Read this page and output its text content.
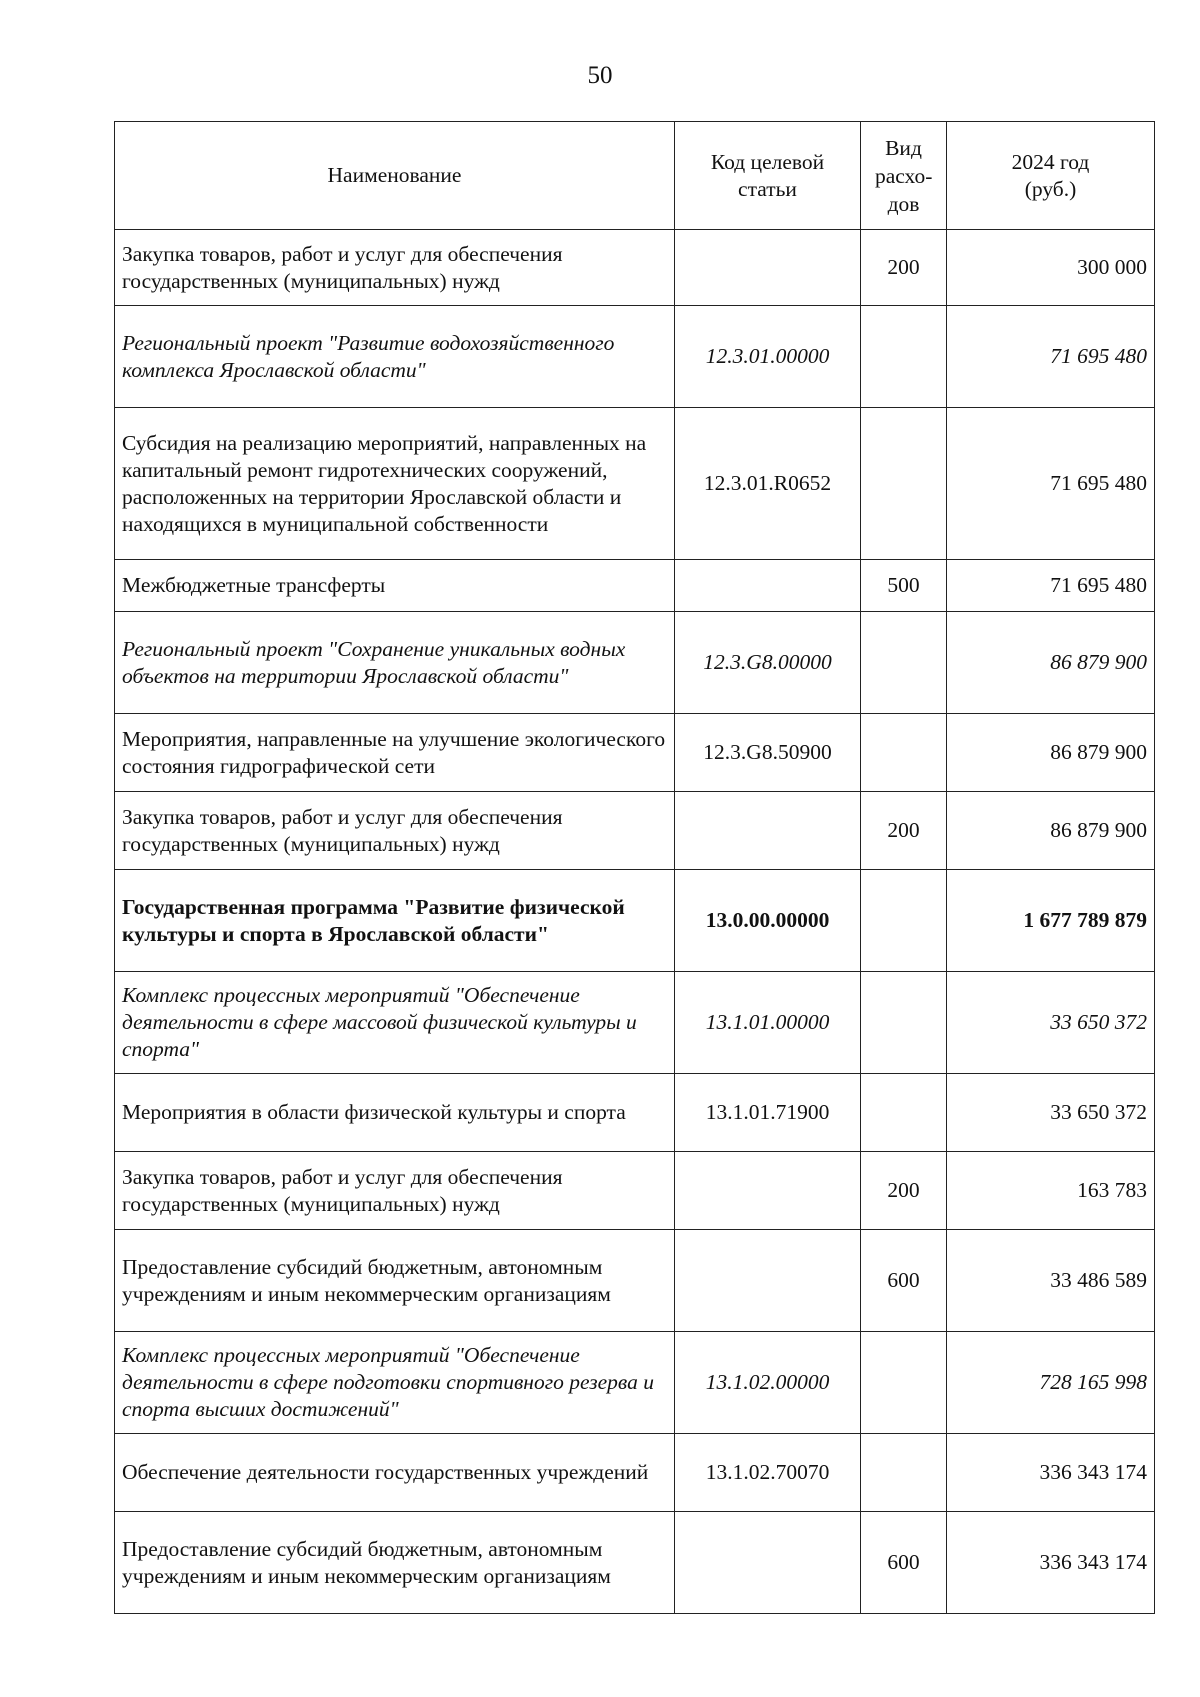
50
Наименование	Код целевой статьи	Вид расхо-дов	2024 год (руб.)
Закупка товаров, работ и услуг для обеспечения государственных (муниципальных) нужд		200	300 000
Региональный проект "Развитие водохозяйственного комплекса Ярославской области"	12.3.01.00000		71 695 480
Субсидия на реализацию мероприятий, направленных на капитальный ремонт гидротехнических сооружений, расположенных на территории Ярославской области и находящихся в муниципальной собственности	12.3.01.R0652		71 695 480
Межбюджетные трансферты		500	71 695 480
Региональный проект "Сохранение уникальных водных объектов на территории Ярославской области"	12.3.G8.00000		86 879 900
Мероприятия, направленные на улучшение экологического состояния гидрографической сети	12.3.G8.50900		86 879 900
Закупка товаров, работ и услуг для обеспечения государственных (муниципальных) нужд		200	86 879 900
Государственная программа "Развитие физической культуры и спорта в Ярославской области"	13.0.00.00000		1 677 789 879
Комплекс процессных мероприятий "Обеспечение деятельности в сфере массовой физической культуры и спорта"	13.1.01.00000		33 650 372
Мероприятия в области физической культуры и спорта	13.1.01.71900		33 650 372
Закупка товаров, работ и услуг для обеспечения государственных (муниципальных) нужд		200	163 783
Предоставление субсидий бюджетным, автономным учреждениям и иным некоммерческим организациям		600	33 486 589
Комплекс процессных мероприятий "Обеспечение деятельности в сфере подготовки спортивного резерва и спорта высших достижений"	13.1.02.00000		728 165 998
Обеспечение деятельности государственных учреждений	13.1.02.70070		336 343 174
Предоставление субсидий бюджетным, автономным учреждениям и иным некоммерческим организациям		600	336 343 174
